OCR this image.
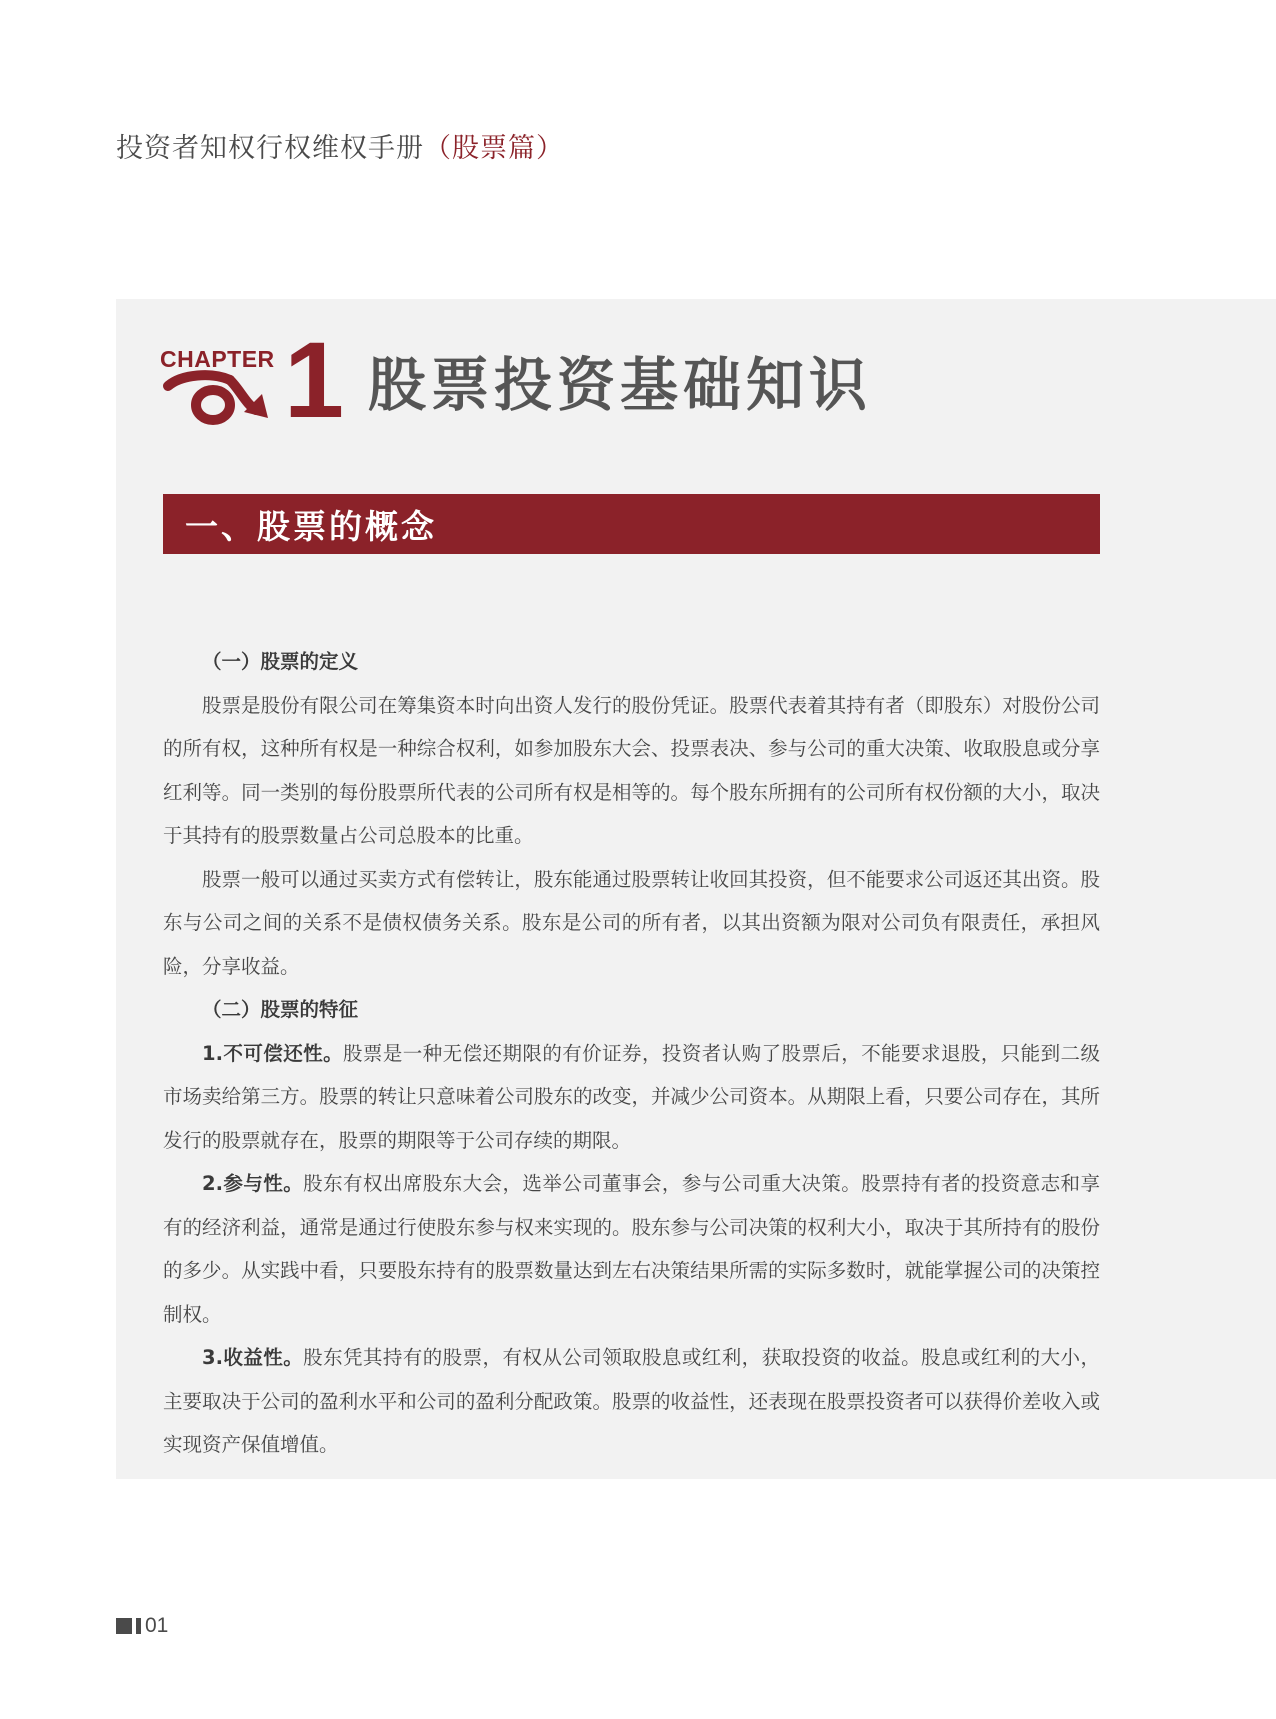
投资者知权行权维权手册（股票篇）
CHAPTER 1 股票投资基础知识
一、股票的概念

（一）股票的定义

股票是股份有限公司在筹集资本时向出资人发行的股份凭证。股票代表着其持有者（即股东）对股份公司的所有权，这种所有权是一种综合权利，如参加股东大会、投票表决、参与公司的重大决策、收取股息或分享红利等。同一类别的每份股票所代表的公司所有权是相等的。每个股东所拥有的公司所有权份额的大小，取决于其持有的股票数量占公司总股本的比重。

股票一般可以通过买卖方式有偿转让，股东能通过股票转让收回其投资，但不能要求公司返还其出资。股东与公司之间的关系不是债权债务关系。股东是公司的所有者，以其出资额为限对公司负有限责任，承担风险，分享收益。

（二）股票的特征

1.不可偿还性。股票是一种无偿还期限的有价证券，投资者认购了股票后，不能要求退股，只能到二级市场卖给第三方。股票的转让只意味着公司股东的改变，并减少公司资本。从期限上看，只要公司存在，其所发行的股票就存在，股票的期限等于公司存续的期限。

2.参与性。股东有权出席股东大会，选举公司董事会，参与公司重大决策。股票持有者的投资意志和享有的经济利益，通常是通过行使股东参与权来实现的。股东参与公司决策的权利大小，取决于其所持有的股份的多少。从实践中看，只要股东持有的股票数量达到左右决策结果所需的实际多数时，就能掌握公司的决策控制权。

3.收益性。股东凭其持有的股票，有权从公司领取股息或红利，获取投资的收益。股息或红利的大小，主要取决于公司的盈利水平和公司的盈利分配政策。股票的收益性，还表现在股票投资者可以获得价差收入或实现资产保值增值。

01
